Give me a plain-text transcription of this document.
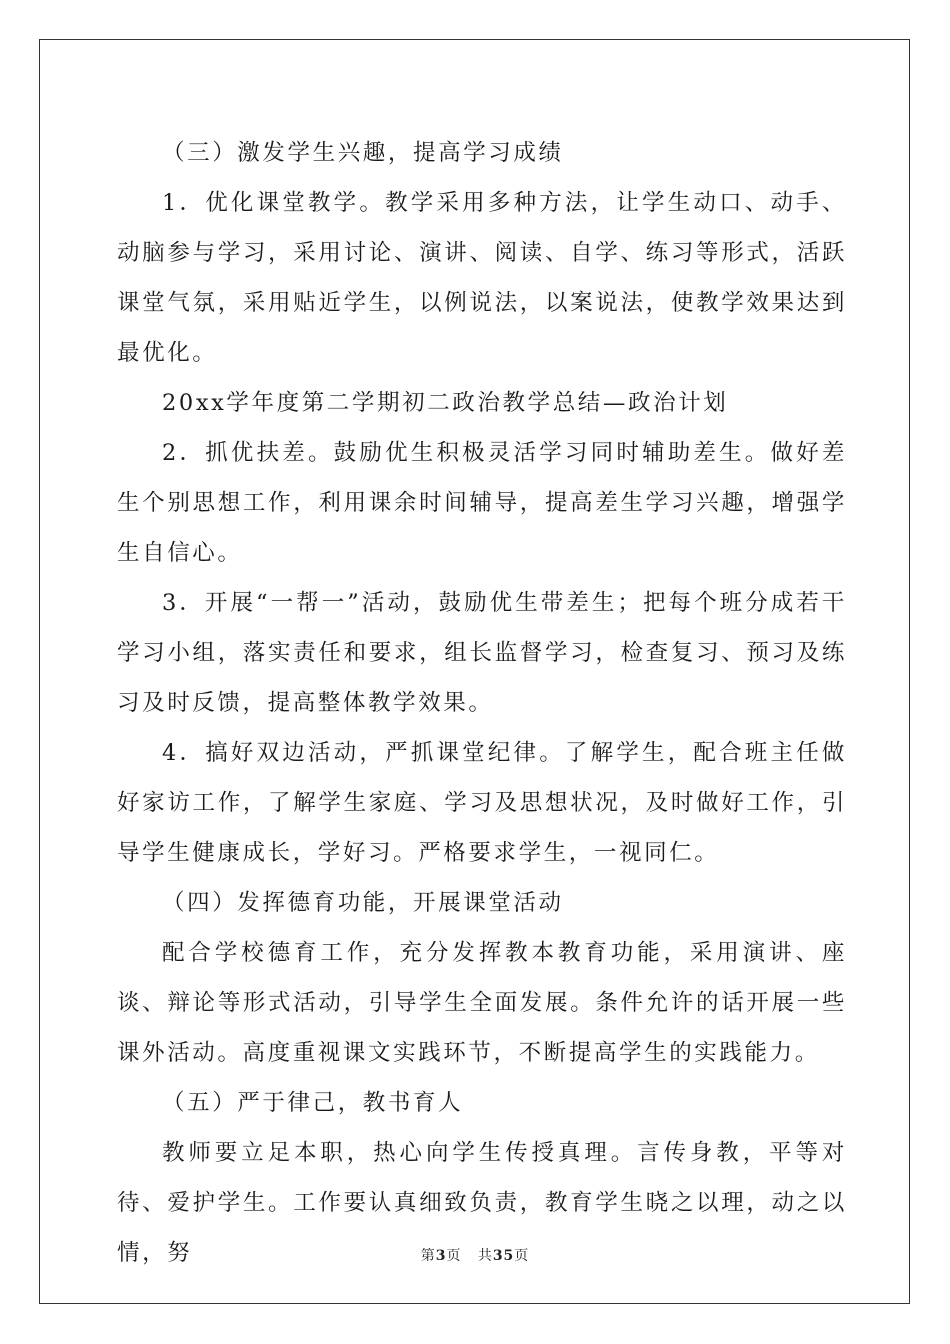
（三）激发学生兴趣，提高学习成绩

1．优化课堂教学。教学采用多种方法，让学生动口、动手、动脑参与学习，采用讨论、演讲、阅读、自学、练习等形式，活跃课堂气氛，采用贴近学生，以例说法，以案说法，使教学效果达到最优化。

20xx学年度第二学期初二政治教学总结—政治计划

2．抓优扶差。鼓励优生积极灵活学习同时辅助差生。做好差生个别思想工作，利用课余时间辅导，提高差生学习兴趣，增强学生自信心。

3．开展“一帮一”活动，鼓励优生带差生；把每个班分成若干学习小组，落实责任和要求，组长监督学习，检查复习、预习及练习及时反馈，提高整体教学效果。

4．搞好双边活动，严抓课堂纪律。了解学生，配合班主任做好家访工作，了解学生家庭、学习及思想状况，及时做好工作，引导学生健康成长，学好习。严格要求学生，一视同仁。

（四）发挥德育功能，开展课堂活动

配合学校德育工作，充分发挥教本教育功能，采用演讲、座谈、辩论等形式活动，引导学生全面发展。条件允许的话开展一些课外活动。高度重视课文实践环节，不断提高学生的实践能力。

（五）严于律己，教书育人

教师要立足本职，热心向学生传授真理。言传身教，平等对待、爱护学生。工作要认真细致负责，教育学生晓之以理，动之以情，努	第3页 共35页
